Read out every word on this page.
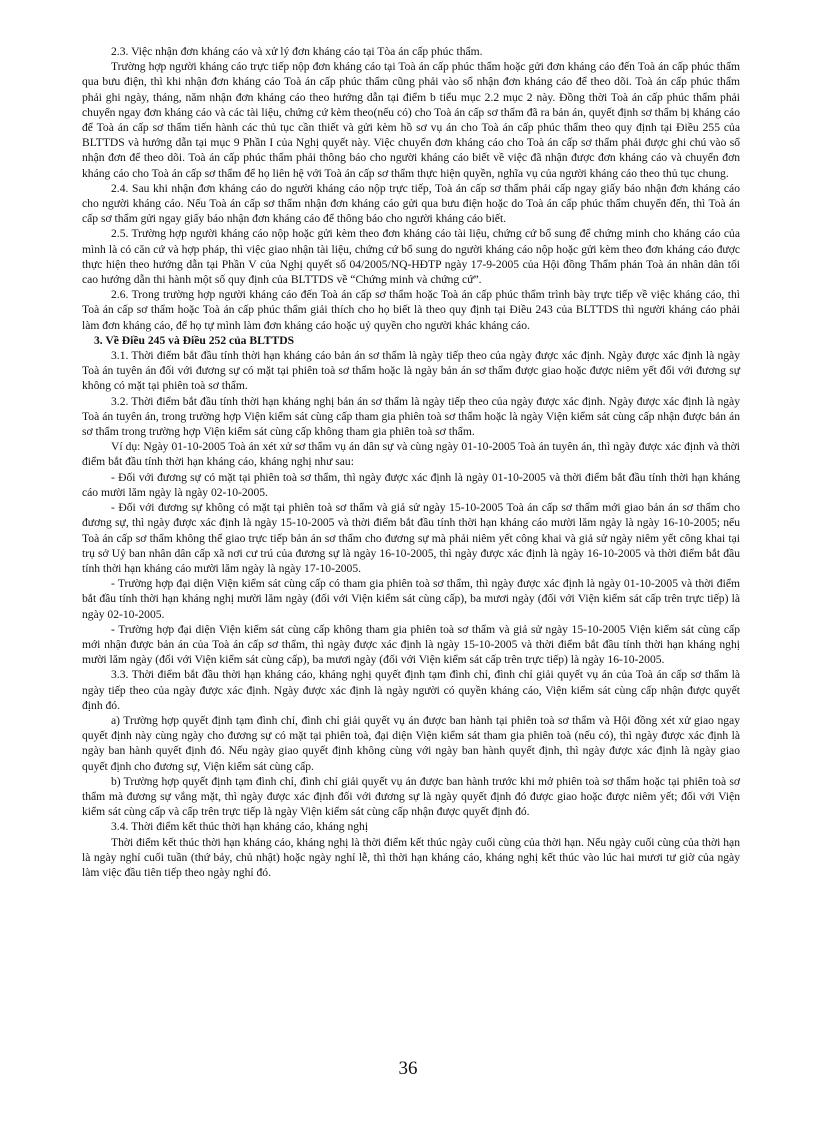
2.3. Việc nhận đơn kháng cáo và xử lý đơn kháng cáo tại Tòa án cấp phúc thẩm.

Trường hợp người kháng cáo trực tiếp nộp đơn kháng cáo tại Toà án cấp phúc thẩm hoặc gửi đơn kháng cáo đến Toà án cấp phúc thẩm qua bưu điện, thì khi nhận đơn kháng cáo Toà án cấp phúc thẩm cũng phải vào sổ nhận đơn kháng cáo để theo dõi. Toà án cấp phúc thẩm phải ghi ngày, tháng, năm nhận đơn kháng cáo theo hướng dẫn tại điểm b tiểu mục 2.2 mục 2 này. Đồng thời Toà án cấp phúc thẩm phải chuyển ngay đơn kháng cáo và các tài liệu, chứng cứ kèm theo(nếu có) cho Toà án cấp sơ thẩm đã ra bản án, quyết định sơ thẩm bị kháng cáo để Toà án cấp sơ thẩm tiến hành các thủ tục cần thiết và gửi kèm hồ sơ vụ án cho Toà án cấp phúc thẩm theo quy định tại Điều 255 của BLTTDS và hướng dẫn tại mục 9 Phần I của Nghị quyết này. Việc chuyển đơn kháng cáo cho Toà án cấp sơ thẩm phải được ghi chú vào sổ nhận đơn để theo dõi. Toà án cấp phúc thẩm phải thông báo cho người kháng cáo biết về việc đã nhận được đơn kháng cáo và chuyển đơn kháng cáo cho Toà án cấp sơ thẩm để họ liên hệ với Toà án cấp sơ thẩm thực hiện quyền, nghĩa vụ của người kháng cáo theo thủ tục chung.

2.4. Sau khi nhận đơn kháng cáo do người kháng cáo nộp trực tiếp, Toà án cấp sơ thẩm phải cấp ngay giấy báo nhận đơn kháng cáo cho người kháng cáo. Nếu Toà án cấp sơ thẩm nhận đơn kháng cáo gửi qua bưu điện hoặc do Toà án cấp phúc thẩm chuyển đến, thì Toà án cấp sơ thẩm gửi ngay giấy báo nhận đơn kháng cáo để thông báo cho người kháng cáo biết.

2.5. Trường hợp người kháng cáo nộp hoặc gửi kèm theo đơn kháng cáo tài liệu, chứng cứ bổ sung để chứng minh cho kháng cáo của mình là có căn cứ và hợp pháp, thì việc giao nhận tài liệu, chứng cứ bổ sung do người kháng cáo nộp hoặc gửi kèm theo đơn kháng cáo được thực hiện theo hướng dẫn tại Phần V của Nghị quyết số 04/2005/NQ-HĐTP ngày 17-9-2005 của Hội đồng Thẩm phán Toà án nhân dân tối cao hướng dẫn thi hành một số quy định của BLTTDS về “Chứng minh và chứng cứ”.

2.6. Trong trường hợp người kháng cáo đến Toà án cấp sơ thẩm hoặc Toà án cấp phúc thẩm trình bày trực tiếp về việc kháng cáo, thì Toà án cấp sơ thẩm hoặc Toà án cấp phúc thẩm giải thích cho họ biết là theo quy định tại Điều 243 của BLTTDS thì người kháng cáo phải làm đơn kháng cáo, để họ tự mình làm đơn kháng cáo hoặc uỷ quyền cho người khác kháng cáo.

3. Về Điều 245 và Điều 252 của BLTTDS

3.1. Thời điểm bắt đầu tính thời hạn kháng cáo bản án sơ thẩm là ngày tiếp theo của ngày được xác định. Ngày được xác định là ngày Toà án tuyên án đối với đương sự có mặt tại phiên toà sơ thẩm hoặc là ngày bản án sơ thẩm được giao hoặc được niêm yết đối với đương sự không có mặt tại phiên toà sơ thẩm.

3.2. Thời điểm bắt đầu tính thời hạn kháng nghị bản án sơ thẩm là ngày tiếp theo của ngày được xác định. Ngày được xác định là ngày Toà án tuyên án, trong trường hợp Viện kiểm sát cùng cấp tham gia phiên toà sơ thẩm hoặc là ngày Viện kiểm sát cùng cấp nhận được bản án sơ thẩm trong trường hợp Viện kiểm sát cùng cấp không tham gia phiên toà sơ thẩm.

Ví dụ: Ngày 01-10-2005 Toà án xét xử sơ thẩm vụ án dân sự và cùng ngày 01-10-2005 Toà án tuyên án, thì ngày được xác định và thời điểm bắt đầu tính thời hạn kháng cáo, kháng nghị như sau:

- Đối với đương sự có mặt tại phiên toà sơ thẩm, thì ngày được xác định là ngày 01-10-2005 và thời điểm bắt đầu tính thời hạn kháng cáo mười lăm ngày là ngày 02-10-2005.

- Đối với đương sự không có mặt tại phiên toà sơ thẩm và giả sử ngày 15-10-2005 Toà án cấp sơ thẩm mới giao bản án sơ thẩm cho đương sự, thì ngày được xác định là ngày 15-10-2005 và thời điểm bắt đầu tính thời hạn kháng cáo mười lăm ngày là ngày 16-10-2005; nếu Toà án cấp sơ thẩm không thể giao trực tiếp bản án sơ thẩm cho đương sự mà phải niêm yết công khai và giả sử ngày niêm yết công khai tại trụ sở Uỷ ban nhân dân cấp xã nơi cư trú của đương sự là ngày 16-10-2005, thì ngày được xác định là ngày 16-10-2005 và thời điểm bắt đầu tính thời hạn kháng cáo mười lăm ngày là ngày 17-10-2005.

- Trường hợp đại diện Viện kiểm sát cùng cấp có tham gia phiên toà sơ thẩm, thì ngày được xác định là ngày 01-10-2005 và thời điểm bắt đầu tính thời hạn kháng nghị mười lăm ngày (đối với Viện kiểm sát cùng cấp), ba mươi ngày (đối với Viện kiểm sát cấp trên trực tiếp) là ngày 02-10-2005.

- Trường hợp đại diện Viện kiểm sát cùng cấp không tham gia phiên toà sơ thẩm và giả sử ngày 15-10-2005 Viện kiểm sát cùng cấp mới nhận được bản án của Toà án cấp sơ thẩm, thì ngày được xác định là ngày 15-10-2005 và thời điểm bắt đầu tính thời hạn kháng nghị mười lăm ngày (đối với Viện kiểm sát cùng cấp), ba mươi ngày (đối với Viện kiểm sát cấp trên trực tiếp) là ngày 16-10-2005.

3.3. Thời điểm bắt đầu thời hạn kháng cáo, kháng nghị quyết định tạm đình chỉ, đình chỉ giải quyết vụ án của Toà án cấp sơ thẩm là ngày tiếp theo của ngày được xác định. Ngày được xác định là ngày người có quyền kháng cáo, Viện kiểm sát cùng cấp nhận được quyết định đó.

a) Trường hợp quyết định tạm đình chỉ, đình chỉ giải quyết vụ án được ban hành tại phiên toà sơ thẩm và Hội đồng xét xử giao ngay quyết định này cùng ngày cho đương sự có mặt tại phiên toà, đại diện Viện kiểm sát tham gia phiên toà (nếu có), thì ngày được xác định là ngày ban hành quyết định đó. Nếu ngày giao quyết định không cùng với ngày ban hành quyết định, thì ngày được xác định là ngày giao quyết định cho đương sự, Viện kiểm sát cùng cấp.

b) Trường hợp quyết định tạm đình chỉ, đình chỉ giải quyết vụ án được ban hành trước khi mở phiên toà sơ thẩm hoặc tại phiên toà sơ thẩm mà đương sự vắng mặt, thì ngày được xác định đối với đương sự là ngày quyết định đó được giao hoặc được niêm yết; đối với Viện kiểm sát cùng cấp và cấp trên trực tiếp là ngày Viện kiểm sát cùng cấp nhận được quyết định đó.

3.4. Thời điểm kết thúc thời hạn kháng cáo, kháng nghị

Thời điểm kết thúc thời hạn kháng cáo, kháng nghị là thời điểm kết thúc ngày cuối cùng của thời hạn. Nếu ngày cuối cùng của thời hạn là ngày nghỉ cuối tuần (thứ bảy, chủ nhật) hoặc ngày nghỉ lễ, thì thời hạn kháng cáo, kháng nghị kết thúc vào lúc hai mươi tư giờ của ngày làm việc đầu tiên tiếp theo ngày nghỉ đó.

36
